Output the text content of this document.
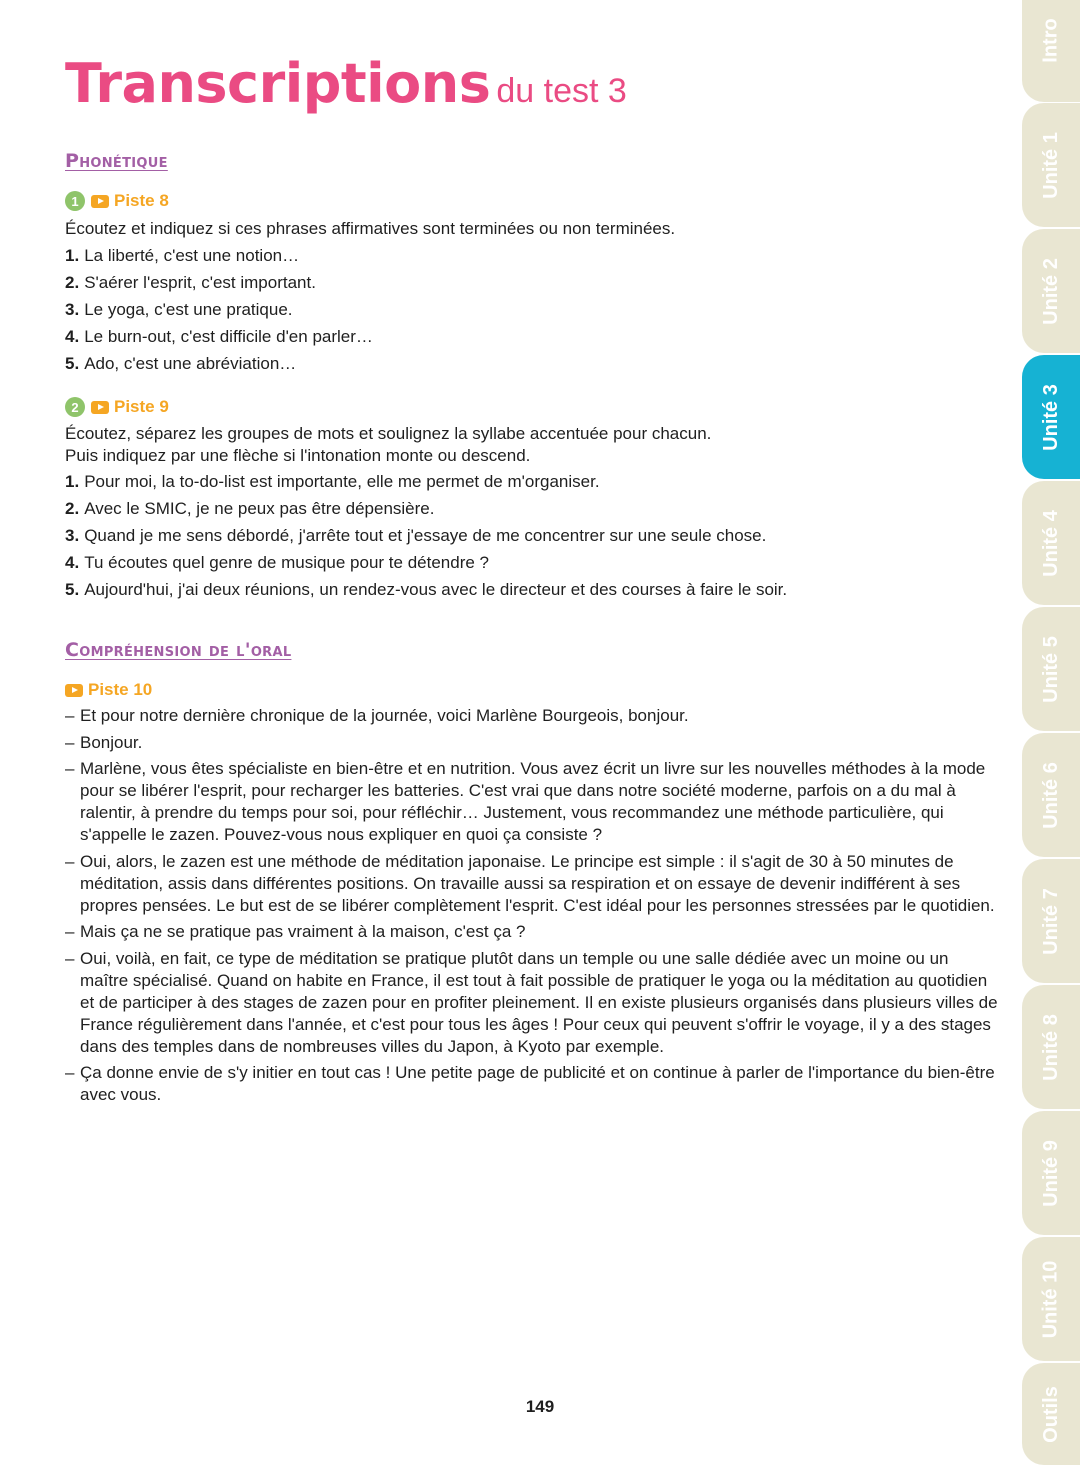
Transcriptions du test 3
Phonétique
1	Piste 8

Écoutez et indiquez si ces phrases affirmatives sont terminées ou non terminées.

1. La liberté, c'est une notion…
2. S'aérer l'esprit, c'est important.
3. Le yoga, c'est une pratique.
4. Le burn-out, c'est difficile d'en parler…
5. Ado, c'est une abréviation…
2	Piste 9

Écoutez, séparez les groupes de mots et soulignez la syllabe accentuée pour chacun.

Puis indiquez par une flèche si l'intonation monte ou descend.

1. Pour moi, la to-do-list est importante, elle me permet de m'organiser.
2. Avec le SMIC, je ne peux pas être dépensière.
3. Quand je me sens débordé, j'arrête tout et j'essaye de me concentrer sur une seule chose.
4. Tu écoutes quel genre de musique pour te détendre ?
5. Aujourd'hui, j'ai deux réunions, un rendez-vous avec le directeur et des courses à faire le soir.
Compréhension de l'oral
Piste 10
– Et pour notre dernière chronique de la journée, voici Marlène Bourgeois, bonjour.
– Bonjour.
– Marlène, vous êtes spécialiste en bien-être et en nutrition. Vous avez écrit un livre sur les nouvelles méthodes à la mode pour se libérer l'esprit, pour recharger les batteries. C'est vrai que dans notre société moderne, parfois on a du mal à ralentir, à prendre du temps pour soi, pour réfléchir… Justement, vous recommandez une méthode particulière, qui s'appelle le zazen. Pouvez-vous nous expliquer en quoi ça consiste ?
– Oui, alors, le zazen est une méthode de méditation japonaise. Le principe est simple : il s'agit de 30 à 50 minutes de méditation, assis dans différentes positions. On travaille aussi sa respiration et on essaye de devenir indifférent à ses propres pensées. Le but est de se libérer complètement l'esprit. C'est idéal pour les personnes stressées par le quotidien.
– Mais ça ne se pratique pas vraiment à la maison, c'est ça ?
– Oui, voilà, en fait, ce type de méditation se pratique plutôt dans un temple ou une salle dédiée avec un moine ou un maître spécialisé. Quand on habite en France, il est tout à fait possible de pratiquer le yoga ou la méditation au quotidien et de participer à des stages de zazen pour en profiter pleinement. Il en existe plusieurs organisés dans plusieurs villes de France régulièrement dans l'année, et c'est pour tous les âges ! Pour ceux qui peuvent s'offrir le voyage, il y a des stages dans des temples dans de nombreuses villes du Japon, à Kyoto par exemple.
– Ça donne envie de s'y initier en tout cas ! Une petite page de publicité et on continue à parler de l'importance du bien-être avec vous.
149
Intro
Unité 1
Unité 2
Unité 3
Unité 4
Unité 5
Unité 6
Unité 7
Unité 8
Unité 9
Unité 10
Outils
